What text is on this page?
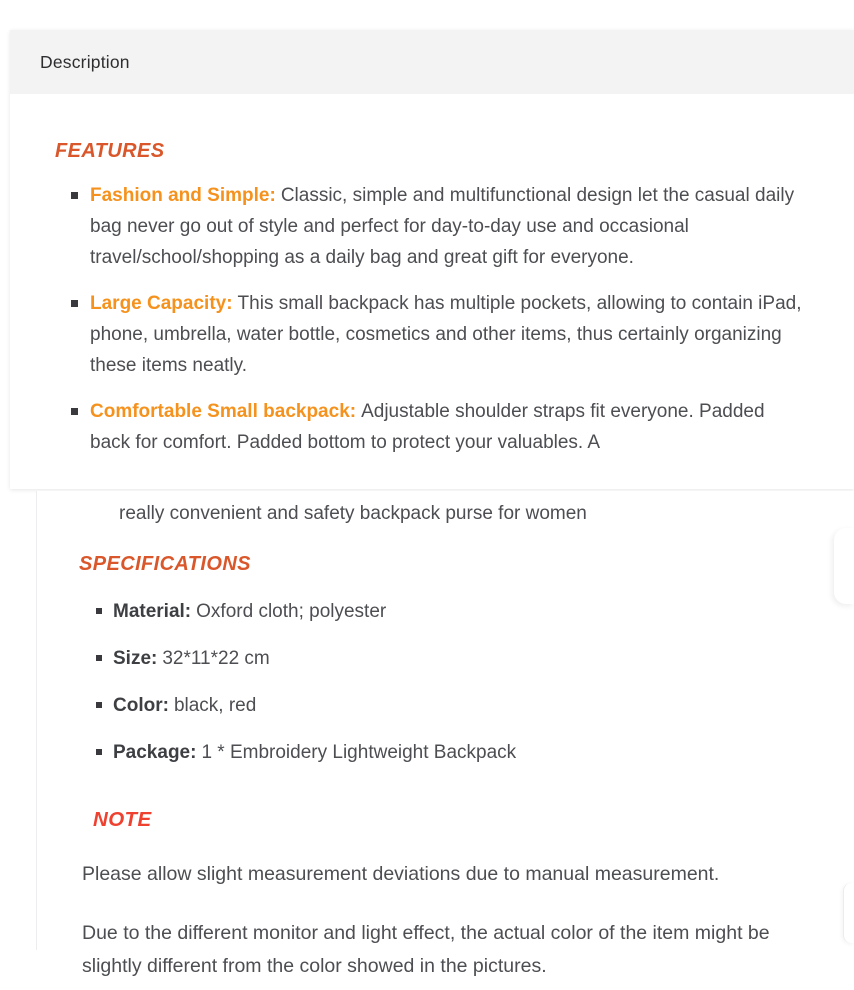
Description
FEATURES
Fashion and Simple: Classic, simple and multifunctional design let the casual daily bag never go out of style and perfect for day-to-day use and occasional travel/school/shopping as a daily bag and great gift for everyone.
Large Capacity: This small backpack has multiple pockets, allowing to contain iPad, phone, umbrella, water bottle, cosmetics and other items, thus certainly organizing these items neatly.
Comfortable Small backpack: Adjustable shoulder straps fit everyone. Padded back for comfort. Padded bottom to protect your valuables. A
really convenient and safety backpack purse for women
SPECIFICATIONS
Material: Oxford cloth; polyester
Size: 32*11*22 cm
Color: black, red
Package: 1 * Embroidery Lightweight Backpack
NOTE

Please allow slight measurement deviations due to manual measurement.

Due to the different monitor and light effect, the actual color of the item might be slightly different from the color showed in the pictures.
